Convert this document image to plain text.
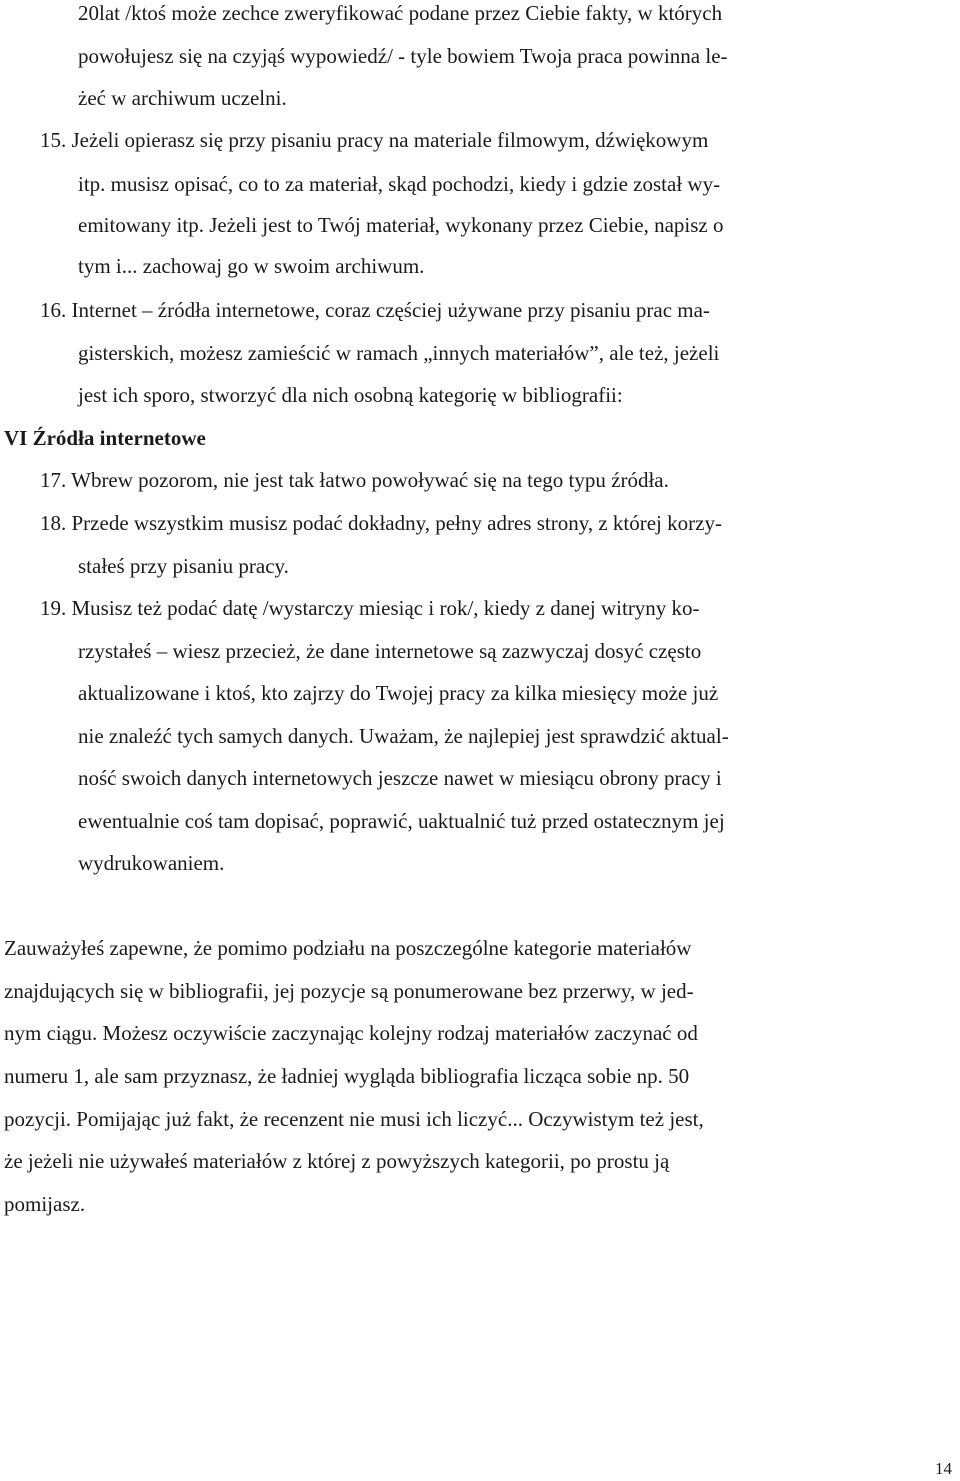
20lat /ktoś może zechce zweryfikować podane przez Ciebie fakty, w których
powołujesz się na czyjąś wypowiedź/ - tyle bowiem Twoja praca powinna le-
żeć w archiwum uczelni.
15. Jeżeli opierasz się przy pisaniu pracy na materiale filmowym, dźwiękowym
itp. musisz opisać, co to za materiał, skąd pochodzi, kiedy i gdzie został wy-
emitowany itp. Jeżeli jest to Twój materiał, wykonany przez Ciebie, napisz o
tym i... zachowaj go w swoim archiwum.
16. Internet – źródła internetowe, coraz częściej używane przy pisaniu prac ma-
gisterskich, możesz zamieścić w ramach „innych materiałów”, ale też, jeżeli
jest ich sporo, stworzyć dla nich osobną kategorię w bibliografii:
VI Źródła internetowe
17. Wbrew pozorom, nie jest tak łatwo powoływać się na tego typu źródła.
18. Przede wszystkim musisz podać dokładny, pełny adres strony, z której korzy-
stałeś przy pisaniu pracy.
19. Musisz też podać datę /wystarczy miesiąc i rok/, kiedy z danej witryny ko-
rzystałeś – wiesz przecież, że dane internetowe są zazwyczaj dosyć często
aktualizowane i ktoś, kto zajrzy do Twojej pracy za kilka miesięcy może już
nie znaleźć tych samych danych. Uważam, że najlepiej jest sprawdzić aktual-
ność swoich danych internetowych jeszcze nawet w miesiącu obrony pracy i
ewentualnie coś tam dopisać, poprawić, uaktualnić tuż przed ostatecznym jej
wydrukowaniem.
Zauważyłeś zapewne, że pomimo podziału na poszczególne kategorie materiałów
znajdujących się w bibliografii, jej pozycje są ponumerowane bez przerwy, w jed-
nym ciągu. Możesz oczywiście zaczynając kolejny rodzaj materiałów zaczynać od
numeru 1, ale sam przyznasz, że ładniej wygląda bibliografia licząca sobie np. 50
pozycji. Pomijając już fakt, że recenzent nie musi ich liczyć... Oczywistym też jest,
że jeżeli nie używałeś materiałów z której z powyższych kategorii, po prostu ją
pomijasz.
14
